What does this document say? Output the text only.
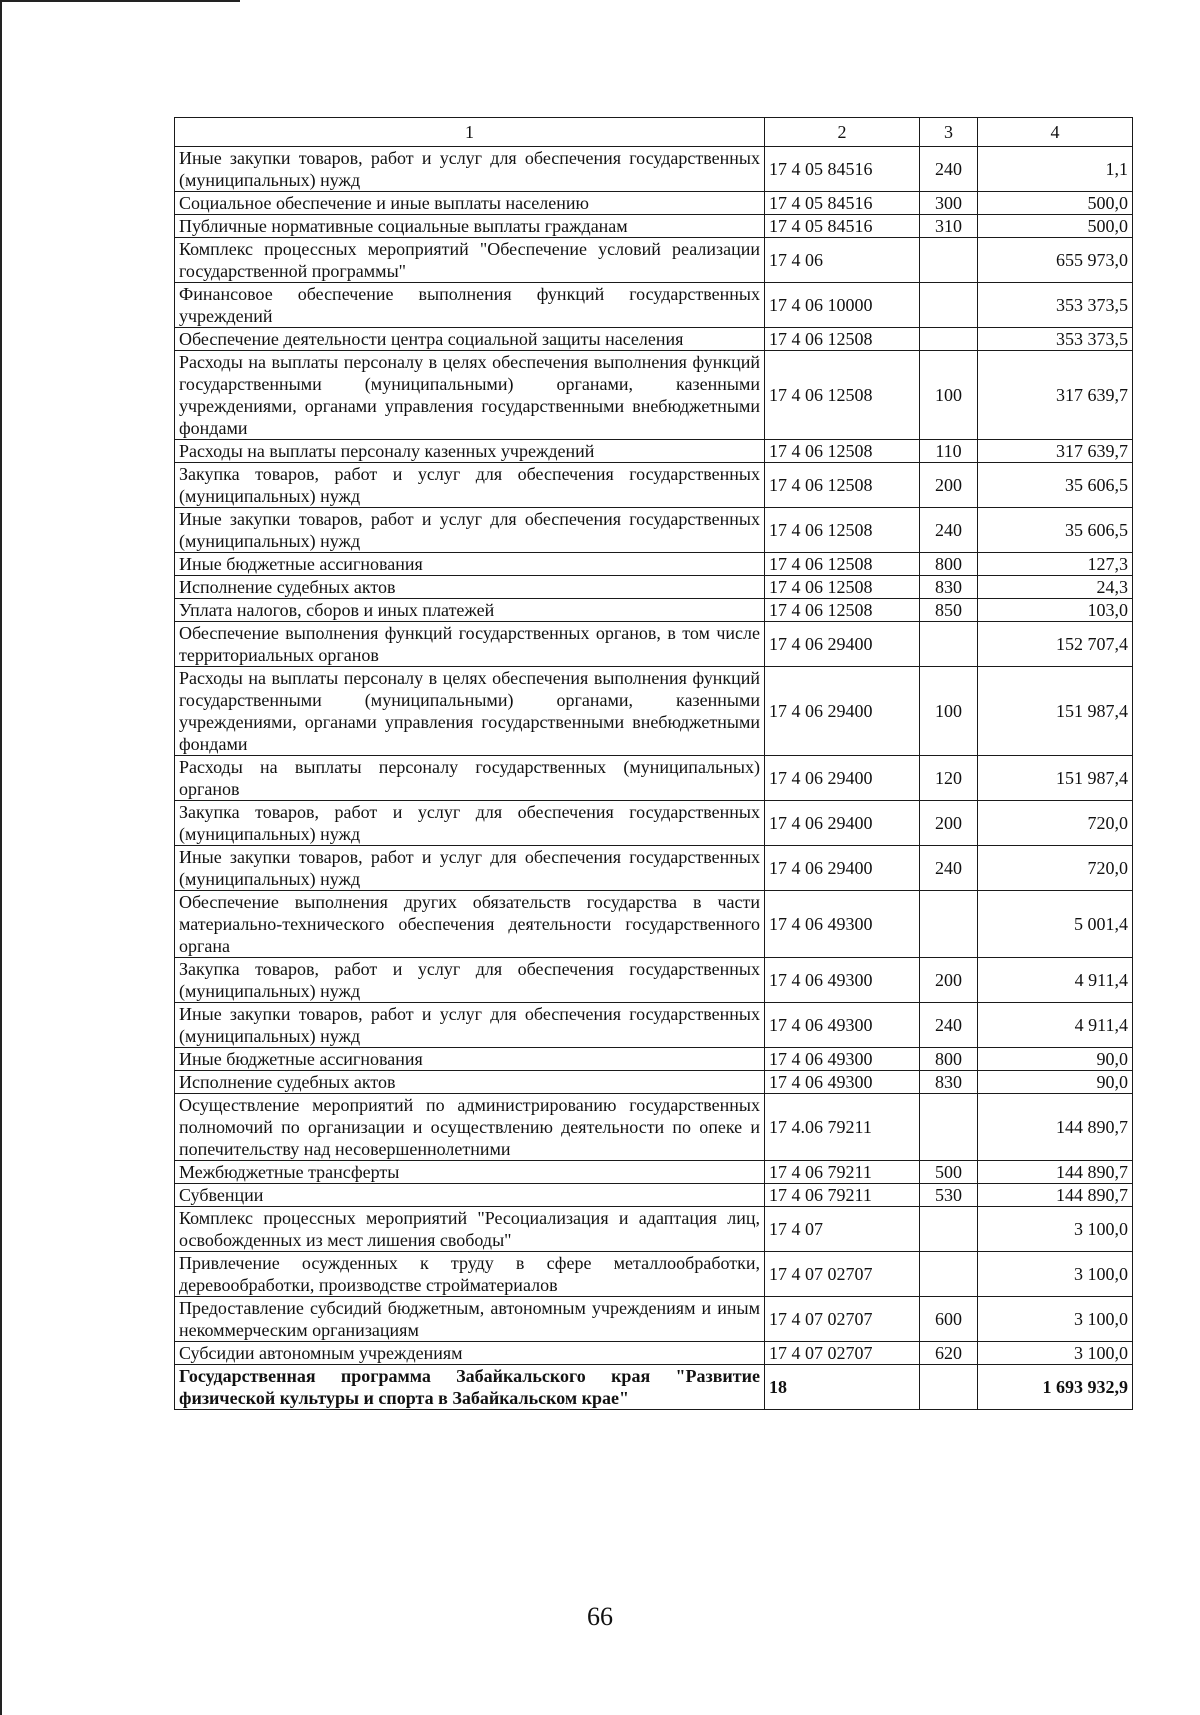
1	2	3	4
Иные закупки товаров, работ и услуг для обеспечения государственных (муниципальных) нужд	17 4 05 84516	240	1,1
Социальное обеспечение и иные выплаты населению	17 4 05 84516	300	500,0
Публичные нормативные социальные выплаты гражданам	17 4 05 84516	310	500,0
Комплекс процессных мероприятий "Обеспечение условий реализации государственной программы"	17 4 06		655 973,0
Финансовое обеспечение выполнения функций государственных учреждений	17 4 06 10000		353 373,5
Обеспечение деятельности центра социальной защиты населения	17 4 06 12508		353 373,5
Расходы на выплаты персоналу в целях обеспечения выполнения функций государственными (муниципальными) органами, казенными учреждениями, органами управления государственными внебюджетными фондами	17 4 06 12508	100	317 639,7
Расходы на выплаты персоналу казенных учреждений	17 4 06 12508	110	317 639,7
Закупка товаров, работ и услуг для обеспечения государственных (муниципальных) нужд	17 4 06 12508	200	35 606,5
Иные закупки товаров, работ и услуг для обеспечения государственных (муниципальных) нужд	17 4 06 12508	240	35 606,5
Иные бюджетные ассигнования	17 4 06 12508	800	127,3
Исполнение судебных актов	17 4 06 12508	830	24,3
Уплата налогов, сборов и иных платежей	17 4 06 12508	850	103,0
Обеспечение выполнения функций государственных органов, в том числе территориальных органов	17 4 06 29400		152 707,4
Расходы на выплаты персоналу в целях обеспечения выполнения функций государственными (муниципальными) органами, казенными учреждениями, органами управления государственными внебюджетными фондами	17 4 06 29400	100	151 987,4
Расходы на выплаты персоналу государственных (муниципальных) органов	17 4 06 29400	120	151 987,4
Закупка товаров, работ и услуг для обеспечения государственных (муниципальных) нужд	17 4 06 29400	200	720,0
Иные закупки товаров, работ и услуг для обеспечения государственных (муниципальных) нужд	17 4 06 29400	240	720,0
Обеспечение выполнения других обязательств государства в части материально-технического обеспечения деятельности государственного органа	17 4 06 49300		5 001,4
Закупка товаров, работ и услуг для обеспечения государственных (муниципальных) нужд	17 4 06 49300	200	4 911,4
Иные закупки товаров, работ и услуг для обеспечения государственных (муниципальных) нужд	17 4 06 49300	240	4 911,4
Иные бюджетные ассигнования	17 4 06 49300	800	90,0
Исполнение судебных актов	17 4 06 49300	830	90,0
Осуществление мероприятий по администрированию государственных полномочий по организации и осуществлению деятельности по опеке и попечительству над несовершеннолетними	17 4.06 79211		144 890,7
Межбюджетные трансферты	17 4 06 79211	500	144 890,7
Субвенции	17 4 06 79211	530	144 890,7
Комплекс процессных мероприятий "Ресоциализация и адаптация лиц, освобожденных из мест лишения свободы"	17 4 07		3 100,0
Привлечение осужденных к труду в сфере металлообработки, деревообработки, производстве стройматериалов	17 4 07 02707		3 100,0
Предоставление субсидий бюджетным, автономным учреждениям и иным некоммерческим организациям	17 4 07 02707	600	3 100,0
Субсидии автономным учреждениям	17 4 07 02707	620	3 100,0
Государственная программа Забайкальского края "Развитие физической культуры и спорта в Забайкальском крае"	18		1 693 932,9
66
